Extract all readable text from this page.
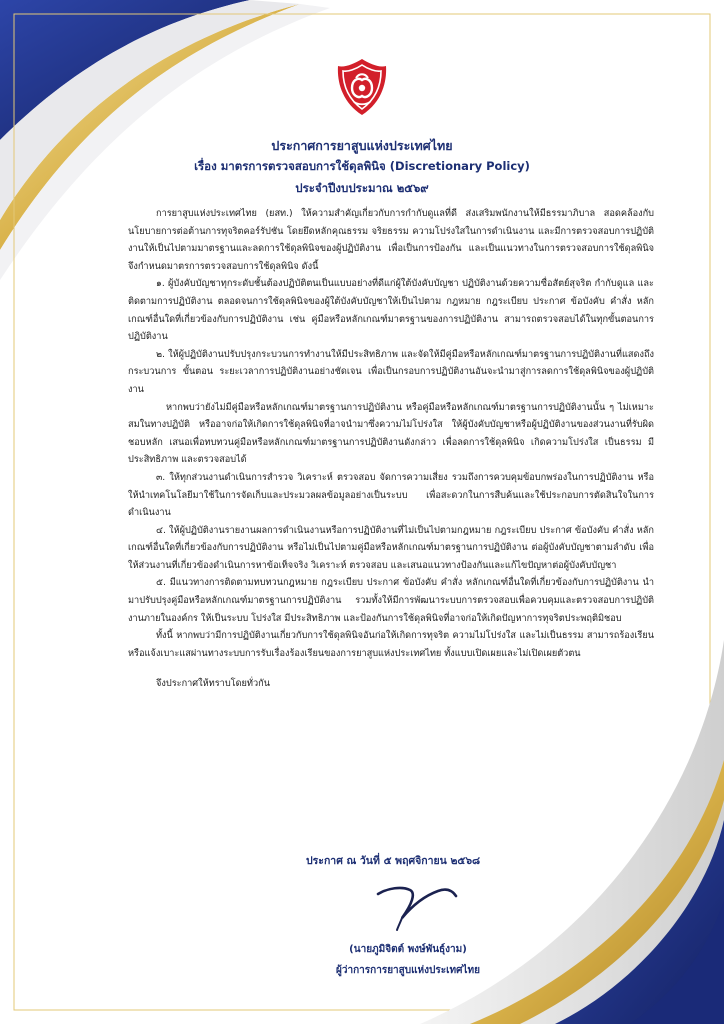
ประกาศการยาสูบแห่งประเทศไทย
เรื่อง มาตรการตรวจสอบการใช้ดุลพินิจ (Discretionary Policy)
ประจำปีงบประมาณ ๒๕๖๙

การยาสูบแห่งประเทศไทย (ยสท.) ให้ความสำคัญเกี่ยวกับการกำกับดูแลที่ดี ส่งเสริมพนักงานให้มีธรรมาภิบาล สอดคล้องกับนโยบายการต่อต้านการทุจริตคอร์รัปชัน โดยยึดหลักคุณธรรม จริยธรรม ความโปร่งใสในการดำเนินงาน และมีการตรวจสอบการปฏิบัติงานให้เป็นไปตามมาตรฐานและลดการใช้ดุลพินิจของผู้ปฏิบัติงาน เพื่อเป็นการป้องกัน และเป็นแนวทางในการตรวจสอบการใช้ดุลพินิจ จึงกำหนดมาตรการตรวจสอบการใช้ดุลพินิจ ดังนี้

๑. ผู้บังคับบัญชาทุกระดับชั้นต้องปฏิบัติตนเป็นแบบอย่างที่ดีแก่ผู้ใต้บังคับบัญชา ปฏิบัติงานด้วยความซื่อสัตย์สุจริต กำกับดูแล และติดตามการปฏิบัติงาน ตลอดจนการใช้ดุลพินิจของผู้ใต้บังคับบัญชาให้เป็นไปตาม กฎหมาย กฎระเบียบ ประกาศ ข้อบังคับ คำสั่ง หลักเกณฑ์อื่นใดที่เกี่ยวข้องกับการปฏิบัติงาน เช่น คู่มือหรือหลักเกณฑ์มาตรฐานของการปฏิบัติงาน สามารถตรวจสอบได้ในทุกขั้นตอนการปฏิบัติงาน

๒. ให้ผู้ปฏิบัติงานปรับปรุงกระบวนการทำงานให้มีประสิทธิภาพ และจัดให้มีคู่มือหรือหลักเกณฑ์มาตรฐานการปฏิบัติงานที่แสดงถึงกระบวนการ ขั้นตอน ระยะเวลาการปฏิบัติงานอย่างชัดเจน เพื่อเป็นกรอบการปฏิบัติงานอันจะนำมาสู่การลดการใช้ดุลพินิจของผู้ปฏิบัติงาน

หากพบว่ายังไม่มีคู่มือหรือหลักเกณฑ์มาตรฐานการปฏิบัติงาน หรือคู่มือหรือหลักเกณฑ์มาตรฐานการปฏิบัติงานนั้น ๆ ไม่เหมาะสมในทางปฏิบัติ หรืออาจก่อให้เกิดการใช้ดุลพินิจที่อาจนำมาซึ่งความไม่โปร่งใส ให้ผู้บังคับบัญชาหรือผู้ปฏิบัติงานของส่วนงานที่รับผิดชอบหลัก เสนอเพื่อทบทวนคู่มือหรือหลักเกณฑ์มาตรฐานการปฏิบัติงานดังกล่าว เพื่อลดการใช้ดุลพินิจ เกิดความโปร่งใส เป็นธรรม มีประสิทธิภาพ และตรวจสอบได้

๓. ให้ทุกส่วนงานดำเนินการสำรวจ วิเคราะห์ ตรวจสอบ จัดการความเสี่ยง รวมถึงการควบคุมข้อบกพร่องในการปฏิบัติงาน หรือให้นำเทคโนโลยีมาใช้ในการจัดเก็บและประมวลผลข้อมูลอย่างเป็นระบบ เพื่อสะดวกในการสืบค้นและใช้ประกอบการตัดสินใจในการดำเนินงาน

๔. ให้ผู้ปฏิบัติงานรายงานผลการดำเนินงานหรือการปฏิบัติงานที่ไม่เป็นไปตามกฎหมาย กฎระเบียบ ประกาศ ข้อบังคับ คำสั่ง หลักเกณฑ์อื่นใดที่เกี่ยวข้องกับการปฏิบัติงาน หรือไม่เป็นไปตามคู่มือหรือหลักเกณฑ์มาตรฐานการปฏิบัติงาน ต่อผู้บังคับบัญชาตามลำดับ เพื่อให้ส่วนงานที่เกี่ยวข้องดำเนินการหาข้อเท็จจริง วิเคราะห์ ตรวจสอบ และเสนอแนวทางป้องกันและแก้ไขปัญหาต่อผู้บังคับบัญชา

๕. มีแนวทางการติดตามทบทวนกฎหมาย กฎระเบียบ ประกาศ ข้อบังคับ คำสั่ง หลักเกณฑ์อื่นใดที่เกี่ยวข้องกับการปฏิบัติงาน นำมาปรับปรุงคู่มือหรือหลักเกณฑ์มาตรฐานการปฏิบัติงาน รวมทั้งให้มีการพัฒนาระบบการตรวจสอบเพื่อควบคุมและตรวจสอบการปฏิบัติงานภายในองค์กร ให้เป็นระบบ โปร่งใส มีประสิทธิภาพ และป้องกันการใช้ดุลพินิจที่อาจก่อให้เกิดปัญหาการทุจริตประพฤติมิชอบ

ทั้งนี้ หากพบว่ามีการปฏิบัติงานเกี่ยวกับการใช้ดุลพินิจอันก่อให้เกิดการทุจริต ความไม่โปร่งใส และไม่เป็นธรรม สามารถร้องเรียนหรือแจ้งเบาะแสผ่านทางระบบการรับเรื่องร้องเรียนของการยาสูบแห่งประเทศไทย ทั้งแบบเปิดเผยและไม่เปิดเผยตัวตน

จึงประกาศให้ทราบโดยทั่วกัน

ประกาศ ณ วันที่ ๕ พฤศจิกายน ๒๕๖๘
(นายภูมิจิตต์ พงษ์พันธุ์งาม)
ผู้ว่าการการยาสูบแห่งประเทศไทย
